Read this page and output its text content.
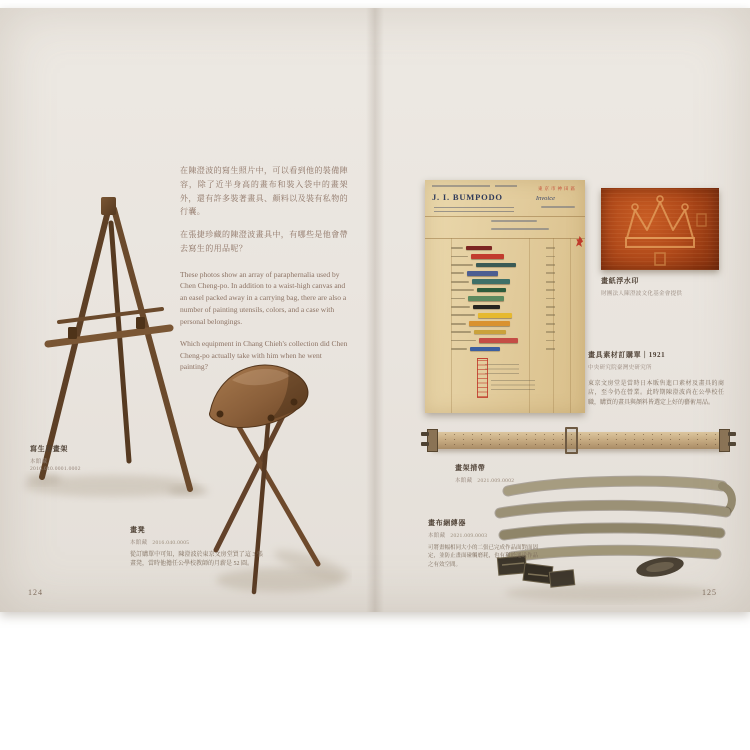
在陳澄波的寫生照片中，可以看到他的裝備陣容，除了近半身高的畫布和裝入袋中的畫架外，還有許多裝著畫具、顏料以及裝有私物的行囊。

在張捷珍藏的陳澄波畫具中，有哪些是他會帶去寫生的用品呢？

These photos show an array of paraphernalia used by Chen Cheng-po. In addition to a waist-high canvas and an easel packed away in a carrying bag, there are also a number of painting utensils, colors, and a case with personal belongings.

Which equipment in Chang Chieh's collection did Chen Cheng-po actually take with him when he went painting?

寫生用畫架
本館藏
2016.040.0001.0002
畫凳
本館藏 2016.040.0005
從訂購單中可知，陳澄波於東京文房堂買了這 3 張畫凳，當時他擔任公學校教師的月薪是 52 圓。
124
J. I. BUMPODO
東京市神田區
Invoice
畫紙浮水印
財團法人陳澄波文化基金會提供
畫具素材訂購單｜1921
中央研究院臺灣史研究所
東京文房堂是當時日本販售進口素材及畫具的商店，至今仍在營業。此時期陳澄波尚在公學校任職，購買的畫具與顏料皆選定上好的藝術用品。
畫架揹帶
本館藏 2021.009.0002
畫布綑縛器
本館藏 2021.009.0003
可將畫幅相同大小的二張已完成作品面對面固定，並防止畫面碰觸磨耗，也有利於運送作品之有效空間。
125
